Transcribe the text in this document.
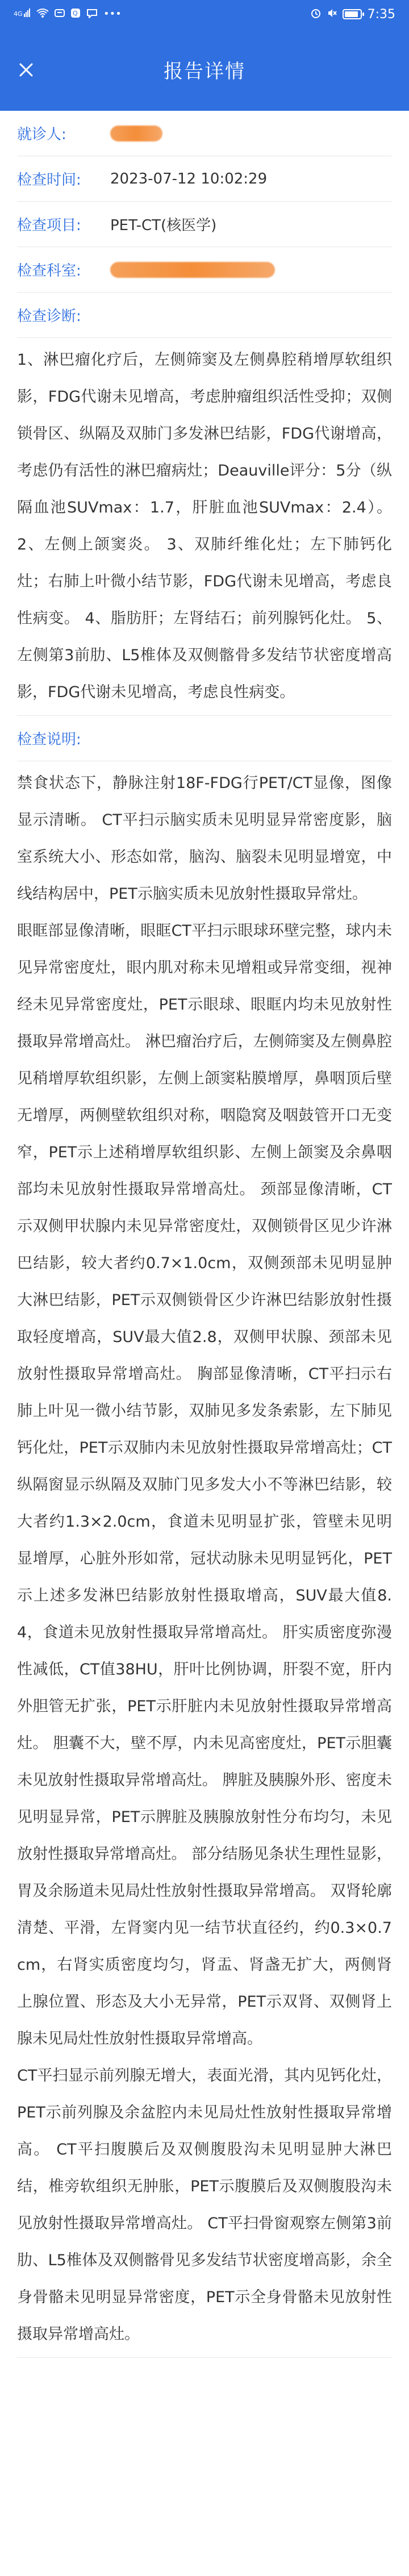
4G	Q	•••	7:35
报告详情
就诊人:
检查时间:	2023-07-12 10:02:29
检查项目:	PET-CT(核医学)
检查科室:
检查诊断:

1、淋巴瘤化疗后，左侧筛窦及左侧鼻腔稍增厚软组织影，FDG代谢未见增高，考虑肿瘤组织活性受抑；双侧锁骨区、纵隔及双肺门多发淋巴结影，FDG代谢增高，考虑仍有活性的淋巴瘤病灶；Deauville评分：5分（纵隔血池SUVmax：1.7，肝脏血池SUVmax：2.4）。 2、左侧上颌窦炎。 3、双肺纤维化灶；左下肺钙化灶；右肺上叶微小结节影，FDG代谢未见增高，考虑良性病变。 4、脂肪肝；左肾结石；前列腺钙化灶。 5、左侧第3前肋、L5椎体及双侧髂骨多发结节状密度增高影，FDG代谢未见增高，考虑良性病变。

检查说明:

禁食状态下，静脉注射18F-FDG行PET/CT显像，图像显示清晰。 CT平扫示脑实质未见明显异常密度影，脑室系统大小、形态如常，脑沟、脑裂未见明显增宽，中线结构居中，PET示脑实质未见放射性摄取异常灶。

眼眶部显像清晰，眼眶CT平扫示眼球环壁完整，球内未见异常密度灶，眼内肌对称未见增粗或异常变细，视神经未见异常密度灶，PET示眼球、眼眶内均未见放射性摄取异常增高灶。 淋巴瘤治疗后，左侧筛窦及左侧鼻腔见稍增厚软组织影，左侧上颌窦粘膜增厚，鼻咽顶后壁无增厚，两侧壁软组织对称，咽隐窝及咽鼓管开口无变窄，PET示上述稍增厚软组织影、左侧上颌窦及余鼻咽部均未见放射性摄取异常增高灶。 颈部显像清晰，CT示双侧甲状腺内未见异常密度灶，双侧锁骨区见少许淋巴结影，较大者约0.7×1.0cm，双侧颈部未见明显肿大淋巴结影，PET示双侧锁骨区少许淋巴结影放射性摄取轻度增高，SUV最大值2.8，双侧甲状腺、颈部未见放射性摄取异常增高灶。 胸部显像清晰，CT平扫示右肺上叶见一微小结节影，双肺见多发条索影，左下肺见钙化灶，PET示双肺内未见放射性摄取异常增高灶；CT纵隔窗显示纵隔及双肺门见多发大小不等淋巴结影，较大者约1.3×2.0cm，食道未见明显扩张，管壁未见明显增厚，心脏外形如常，冠状动脉未见明显钙化，PET示上述多发淋巴结影放射性摄取增高，SUV最大值8.4，食道未见放射性摄取异常增高灶。 肝实质密度弥漫性减低，CT值38HU，肝叶比例协调，肝裂不宽，肝内外胆管无扩张，PET示肝脏内未见放射性摄取异常增高灶。 胆囊不大，壁不厚，内未见高密度灶，PET示胆囊未见放射性摄取异常增高灶。 脾脏及胰腺外形、密度未见明显异常，PET示脾脏及胰腺放射性分布均匀，未见放射性摄取异常增高灶。 部分结肠见条状生理性显影，胃及余肠道未见局灶性放射性摄取异常增高。 双肾轮廓清楚、平滑，左肾窦内见一结节状直径约，约0.3×0.7cm，右肾实质密度均匀，肾盂、肾盏无扩大，两侧肾上腺位置、形态及大小无异常，PET示双肾、双侧肾上腺未见局灶性放射性摄取异常增高。

CT平扫显示前列腺无增大，表面光滑，其内见钙化灶，PET示前列腺及余盆腔内未见局灶性放射性摄取异常增高。 CT平扫腹膜后及双侧腹股沟未见明显肿大淋巴结，椎旁软组织无肿胀，PET示腹膜后及双侧腹股沟未见放射性摄取异常增高灶。 CT平扫骨窗观察左侧第3前肋、L5椎体及双侧髂骨见多发结节状密度增高影，余全身骨骼未见明显异常密度，PET示全身骨骼未见放射性摄取异常增高灶。
